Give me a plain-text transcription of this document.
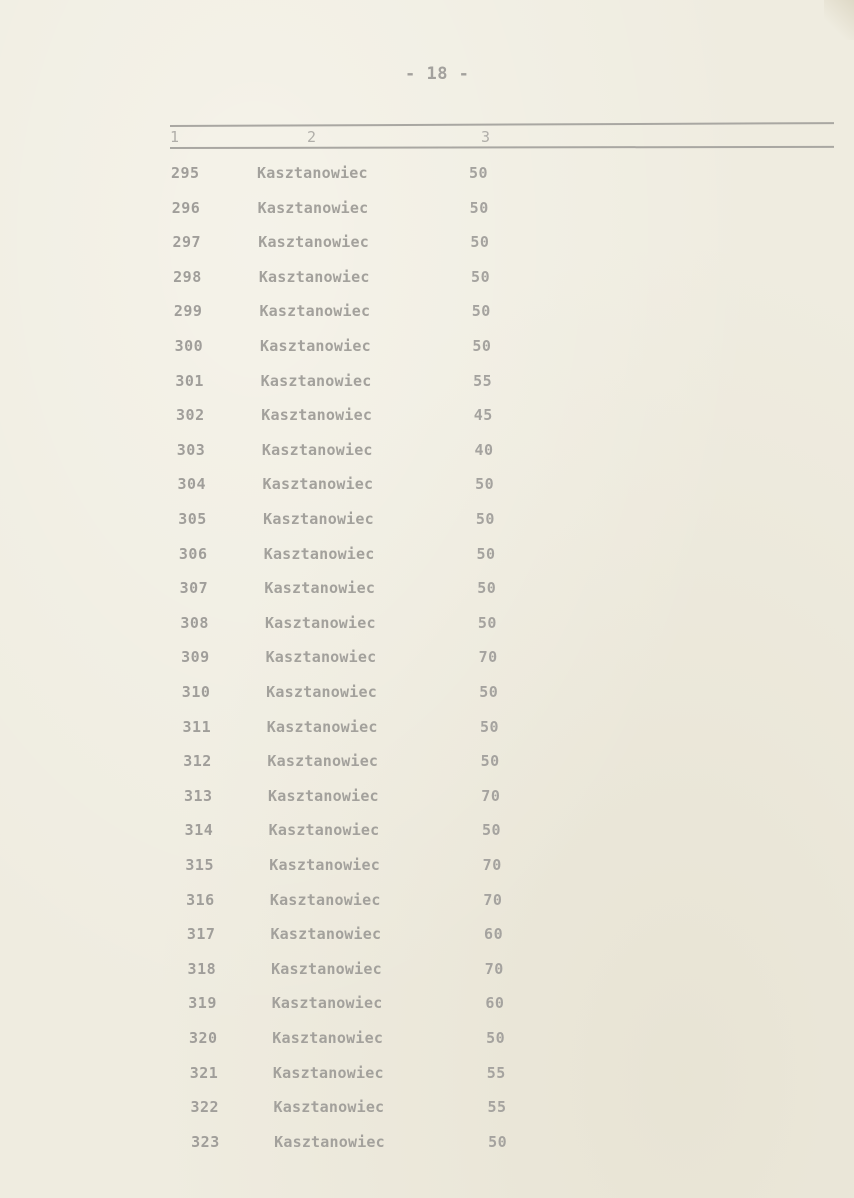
- 18 -
1	2	3
295	Kasztanowiec	50
296	Kasztanowiec	50
297	Kasztanowiec	50
298	Kasztanowiec	50
299	Kasztanowiec	50
300	Kasztanowiec	50
301	Kasztanowiec	55
302	Kasztanowiec	45
303	Kasztanowiec	40
304	Kasztanowiec	50
305	Kasztanowiec	50
306	Kasztanowiec	50
307	Kasztanowiec	50
308	Kasztanowiec	50
309	Kasztanowiec	70
310	Kasztanowiec	50
311	Kasztanowiec	50
312	Kasztanowiec	50
313	Kasztanowiec	70
314	Kasztanowiec	50
315	Kasztanowiec	70
316	Kasztanowiec	70
317	Kasztanowiec	60
318	Kasztanowiec	70
319	Kasztanowiec	60
320	Kasztanowiec	50
321	Kasztanowiec	55
322	Kasztanowiec	55
323	Kasztanowiec	50
